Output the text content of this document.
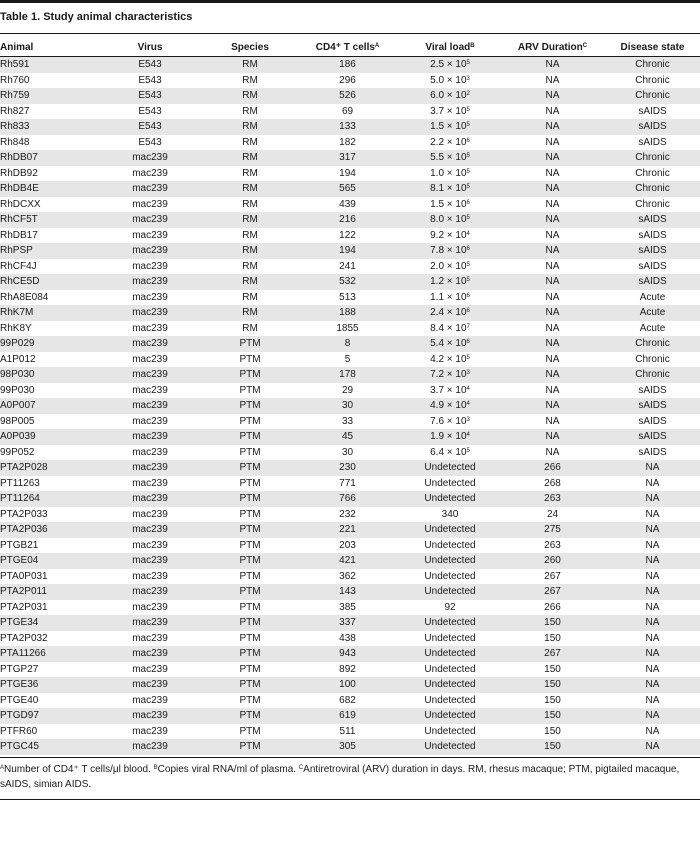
Table 1. Study animal characteristics
Animal	Virus	Species	CD4⁺ T cells$^A$	Viral load$^B$	ARV Duration$^C$	Disease state
Rh591	E543	RM	186	$2.5 \times 10^5$	NA	Chronic
Rh760	E543	RM	296	$5.0 \times 10^3$	NA	Chronic
Rh759	E543	RM	526	$6.0 \times 10^2$	NA	Chronic
Rh827	E543	RM	69	$3.7 \times 10^5$	NA	sAIDS
Rh833	E543	RM	133	$1.5 \times 10^5$	NA	sAIDS
Rh848	E543	RM	182	$2.2 \times 10^6$	NA	sAIDS
RhDB07	mac239	RM	317	$5.5 \times 10^5$	NA	Chronic
RhDB92	mac239	RM	194	$1.0 \times 10^5$	NA	Chronic
RhDB4E	mac239	RM	565	$8.1 \times 10^5$	NA	Chronic
RhDCXX	mac239	RM	439	$1.5 \times 10^6$	NA	Chronic
RhCF5T	mac239	RM	216	$8.0 \times 10^5$	NA	sAIDS
RhDB17	mac239	RM	122	$9.2 \times 10^4$	NA	sAIDS
RhPSP	mac239	RM	194	$7.8 \times 10^6$	NA	sAIDS
RhCF4J	mac239	RM	241	$2.0 \times 10^5$	NA	sAIDS
RhCE5D	mac239	RM	532	$1.2 \times 10^5$	NA	sAIDS
RhA8E084	mac239	RM	513	$1.1 \times 10^6$	NA	Acute
RhK7M	mac239	RM	188	$2.4 \times 10^6$	NA	Acute
RhK8Y	mac239	RM	1855	$8.4 \times 10^7$	NA	Acute
99P029	mac239	PTM	8	$5.4 \times 10^6$	NA	Chronic
A1P012	mac239	PTM	5	$4.2 \times 10^5$	NA	Chronic
98P030	mac239	PTM	178	$7.2 \times 10^3$	NA	Chronic
99P030	mac239	PTM	29	$3.7 \times 10^4$	NA	sAIDS
A0P007	mac239	PTM	30	$4.9 \times 10^4$	NA	sAIDS
98P005	mac239	PTM	33	$7.6 \times 10^3$	NA	sAIDS
A0P039	mac239	PTM	45	$1.9 \times 10^4$	NA	sAIDS
99P052	mac239	PTM	30	$6.4 \times 10^5$	NA	sAIDS
PTA2P028	mac239	PTM	230	Undetected	266	NA
PT11263	mac239	PTM	771	Undetected	268	NA
PT11264	mac239	PTM	766	Undetected	263	NA
PTA2P033	mac239	PTM	232	340	24	NA
PTA2P036	mac239	PTM	221	Undetected	275	NA
PTGB21	mac239	PTM	203	Undetected	263	NA
PTGE04	mac239	PTM	421	Undetected	260	NA
PTA0P031	mac239	PTM	362	Undetected	267	NA
PTA2P011	mac239	PTM	143	Undetected	267	NA
PTA2P031	mac239	PTM	385	92	266	NA
PTGE34	mac239	PTM	337	Undetected	150	NA
PTA2P032	mac239	PTM	438	Undetected	150	NA
PTA11266	mac239	PTM	943	Undetected	267	NA
PTGP27	mac239	PTM	892	Undetected	150	NA
PTGE36	mac239	PTM	100	Undetected	150	NA
PTGE40	mac239	PTM	682	Undetected	150	NA
PTGD97	mac239	PTM	619	Undetected	150	NA
PTFR60	mac239	PTM	511	Undetected	150	NA
PTGC45	mac239	PTM	305	Undetected	150	NA
$^A$Number of CD4⁺ T cells/μl blood. $^B$Copies viral RNA/ml of plasma. $^C$Antiretroviral (ARV) duration in days. RM, rhesus macaque; PTM, pigtailed macaque, sAIDS, simian AIDS.
